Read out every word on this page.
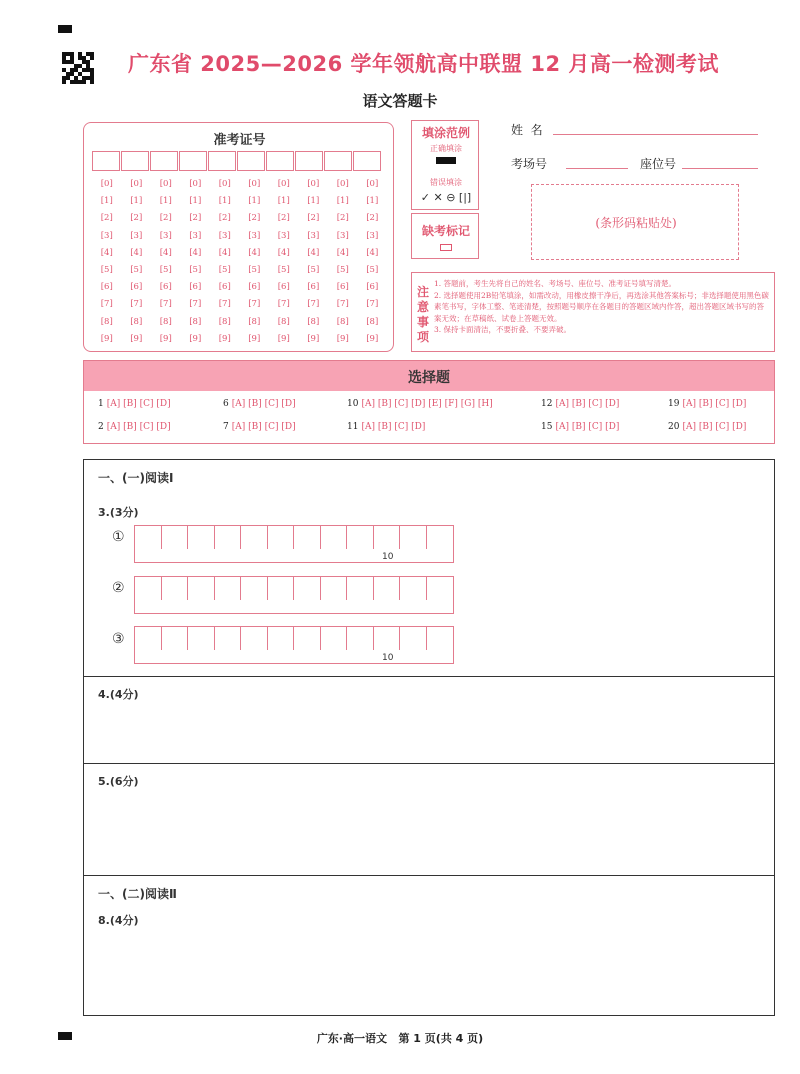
广东省 2025—2026 学年领航高中联盟 12 月高一检测考试
语文答题卡
准考证号
[0]	[0]	[0]	[0]	[0]	[0]	[0]	[0]	[0]	[0]
[1]	[1]	[1]	[1]	[1]	[1]	[1]	[1]	[1]	[1]
[2]	[2]	[2]	[2]	[2]	[2]	[2]	[2]	[2]	[2]
[3]	[3]	[3]	[3]	[3]	[3]	[3]	[3]	[3]	[3]
[4]	[4]	[4]	[4]	[4]	[4]	[4]	[4]	[4]	[4]
[5]	[5]	[5]	[5]	[5]	[5]	[5]	[5]	[5]	[5]
[6]	[6]	[6]	[6]	[6]	[6]	[6]	[6]	[6]	[6]
[7]	[7]	[7]	[7]	[7]	[7]	[7]	[7]	[7]	[7]
[8]	[8]	[8]	[8]	[8]	[8]	[8]	[8]	[8]	[8]
[9]	[9]	[9]	[9]	[9]	[9]	[9]	[9]	[9]	[9]
填涂范例
正确填涂
错误填涂
✓ ✕ ⊖ [|]
缺考标记
姓  名
考场号	座位号
(条形码粘贴处)
注意事项
1. 答题前，考生先将自己的姓名、考场号、座位号、准考证号填写清楚。
2. 选择题使用2B铅笔填涂，如需改动，用橡皮擦干净后，再选涂其他答案标号；非选择题使用黑色碳素笔书写，字体工整、笔迹清楚，按照题号顺序在各题目的答题区域内作答，超出答题区域书写的答案无效；在草稿纸、试卷上答题无效。
3. 保持卡面清洁，不要折叠、不要弄破。
选择题
1 [A] [B] [C] [D]	6 [A] [B] [C] [D]	10 [A] [B] [C] [D] [E] [F] [G] [H]	12 [A] [B] [C] [D]	19 [A] [B] [C] [D]
2 [A] [B] [C] [D]	7 [A] [B] [C] [D]	11 [A] [B] [C] [D]	15 [A] [B] [C] [D]	20 [A] [B] [C] [D]
一、(一)阅读Ⅰ
3.(3分)
①
10
②
③
10
4.(4分)
5.(6分)
一、(二)阅读Ⅱ
8.(4分)
广东·高一语文   第 1 页(共 4 页)
